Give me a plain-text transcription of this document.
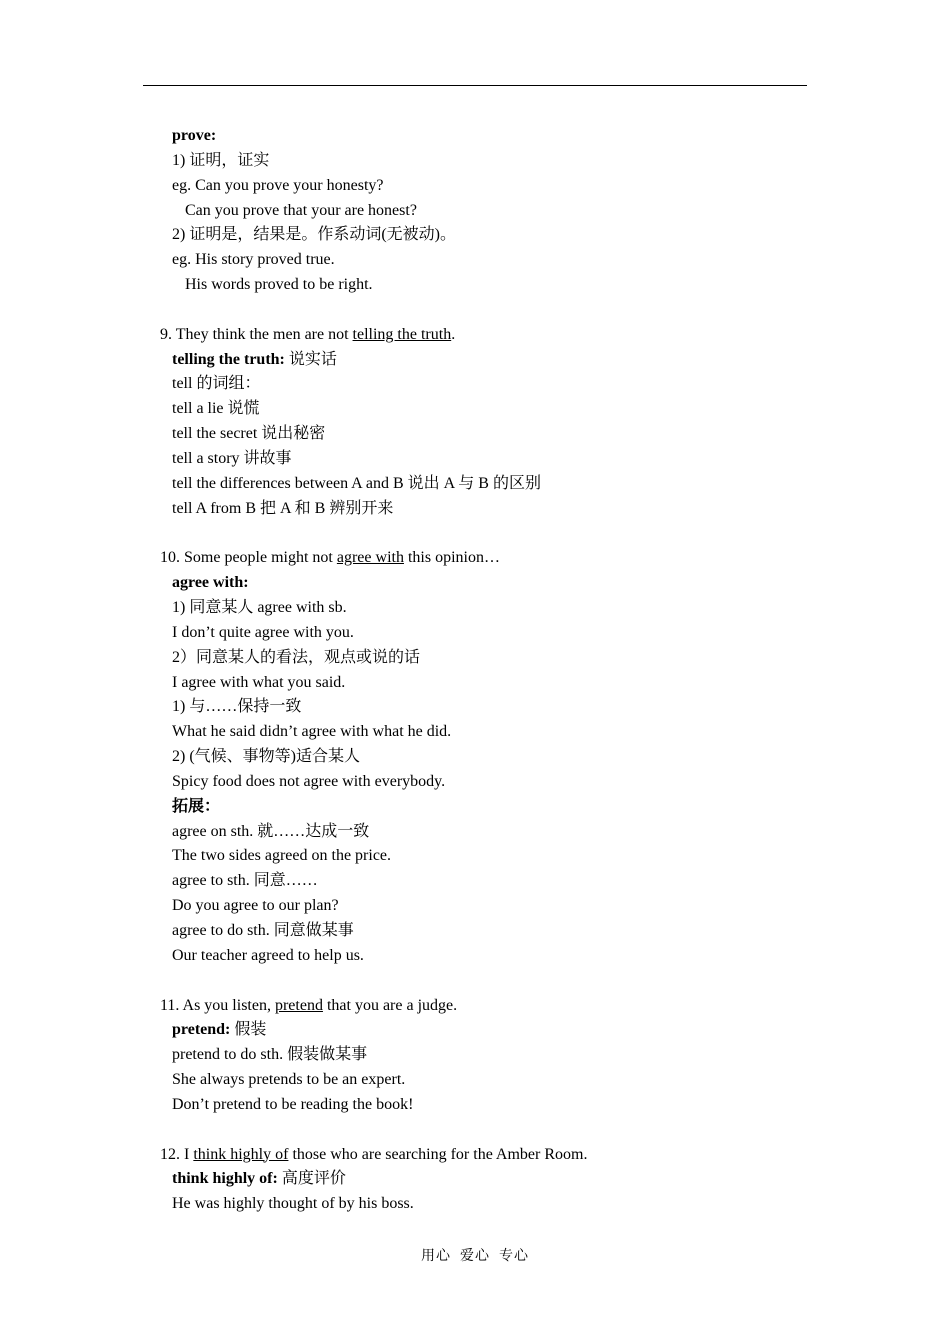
prove:
1) 证明，证实
eg. Can you prove your honesty?
Can you prove that your are honest?
2) 证明是，结果是。作系动词(无被动)。
eg. His story proved true.
His words proved to be right.
9. They think the men are not telling the truth.
telling the truth: 说实话
tell 的词组：
tell a lie 说慌
tell the secret 说出秘密
tell a story 讲故事
tell the differences between A and B 说出 A 与 B 的区别
tell A from B 把 A 和 B 辨别开来
10. Some people might not agree with this opinion…
agree with:
1) 同意某人 agree with sb.
I don’t quite agree with you.
2）同意某人的看法，观点或说的话
I agree with what you said.
1) 与……保持一致
What he said didn’t agree with what he did.
2) (气候、事物等)适合某人
Spicy food does not agree with everybody.
拓展：
agree on sth. 就……达成一致
The two sides agreed on the price.
agree to sth. 同意……
Do you agree to our plan?
agree to do sth. 同意做某事
Our teacher agreed to help us.
11. As you listen, pretend that you are a judge.
pretend: 假装
pretend to do sth. 假装做某事
She always pretends to be an expert.
Don’t pretend to be reading the book!
12. I think highly of those who are searching for the Amber Room.
think highly of: 高度评价
He was highly thought of by his boss.
用心  爱心  专心
